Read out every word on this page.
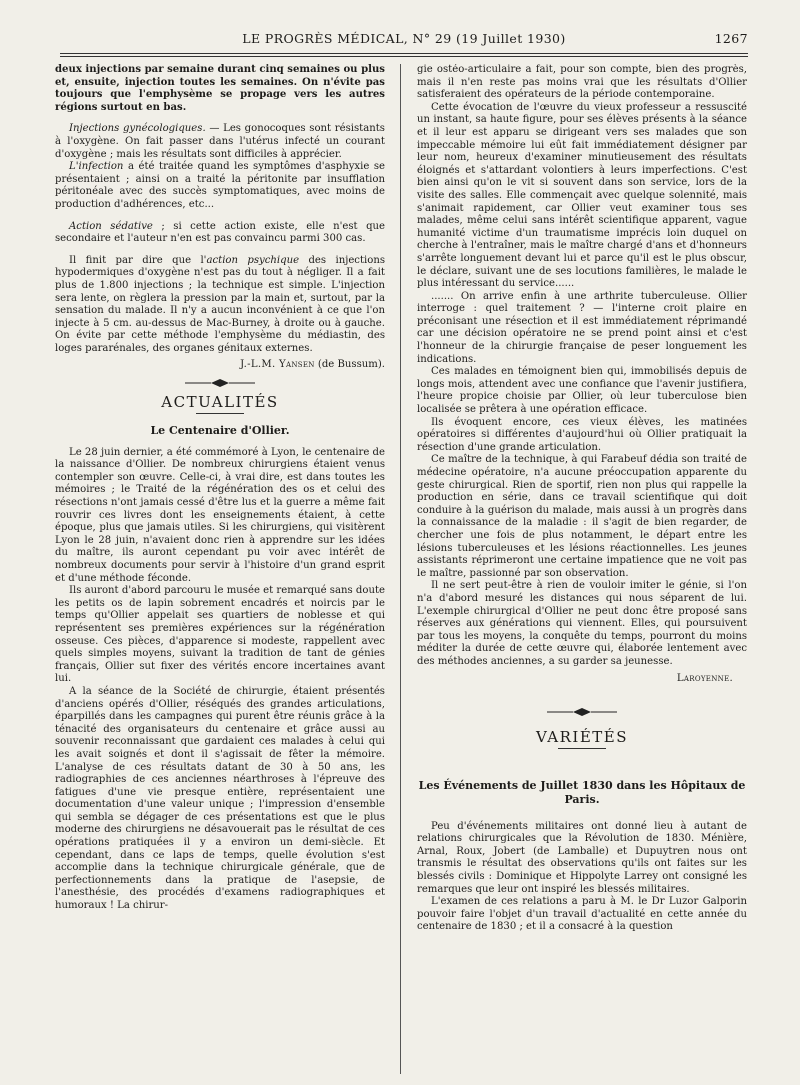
LE PROGRÈS MÉDICAL, N° 29 (19 Juillet 1930)	1267

deux injections par semaine durant cinq semaines ou plus et, ensuite, injection toutes les semaines. On n'évite pas toujours que l'emphysème se propage vers les autres régions surtout en bas.

Injections gynécologiques. — Les gonocoques sont résistants à l'oxygène. On fait passer dans l'utérus infecté un courant d'oxygène ; mais les résultats sont difficiles à apprécier.

L'infection a été traitée quand les symptômes d'asphyxie se présentaient ; ainsi on a traité la péritonite par insufflation péritonéale avec des succès symptomatiques, avec moins de production d'adhérences, etc...

Action sédative ; si cette action existe, elle n'est que secondaire et l'auteur n'en est pas convaincu parmi 300 cas.

Il finit par dire que l'action psychique des injections hypodermiques d'oxygène n'est pas du tout à négliger. Il a fait plus de 1.800 injections ; la technique est simple. L'injection sera lente, on règlera la pression par la main et, surtout, par la sensation du malade. Il n'y a aucun inconvénient à ce que l'on injecte à 5 cm. au-dessus de Mac-Burney, à droite ou à gauche. On évite par cette méthode l'emphysème du médiastin, des loges pararénales, des organes génitaux externes.

J.-L.M. Yansen (de Bussum).

ACTUALITÉS
Le Centenaire d'Ollier.

Le 28 juin dernier, a été commémoré à Lyon, le centenaire de la naissance d'Ollier. De nombreux chirurgiens étaient venus contempler son œuvre. Celle-ci, à vrai dire, est dans toutes les mémoires ; le Traité de la régénération des os et celui des résections n'ont jamais cessé d'être lus et la guerre a même fait rouvrir ces livres dont les enseignements étaient, à cette époque, plus que jamais utiles. Si les chirurgiens, qui visitèrent Lyon le 28 juin, n'avaient donc rien à apprendre sur les idées du maître, ils auront cependant pu voir avec intérêt de nombreux documents pour servir à l'histoire d'un grand esprit et d'une méthode féconde.

Ils auront d'abord parcouru le musée et remarqué sans doute les petits os de lapin sobrement encadrés et noircis par le temps qu'Ollier appelait ses quartiers de noblesse et qui représentent ses premières expériences sur la régénération osseuse. Ces pièces, d'apparence si modeste, rappellent avec quels simples moyens, suivant la tradition de tant de génies français, Ollier sut fixer des vérités encore incertaines avant lui.

A la séance de la Société de chirurgie, étaient présentés d'anciens opérés d'Ollier, réséqués des grandes articulations, éparpillés dans les campagnes qui purent être réunis grâce à la ténacité des organisateurs du centenaire et grâce aussi au souvenir reconnaissant que gardaient ces malades à celui qui les avait soignés et dont il s'agissait de fêter la mémoire. L'analyse de ces résultats datant de 30 à 50 ans, les radiographies de ces anciennes néarthroses à l'épreuve des fatigues d'une vie presque entière, représentaient une documentation d'une valeur unique ; l'impression d'ensemble qui sembla se dégager de ces présentations est que le plus moderne des chirurgiens ne désavouerait pas le résultat de ces opérations pratiquées il y a environ un demi-siècle. Et cependant, dans ce laps de temps, quelle évolution s'est accomplie dans la technique chirurgicale générale, que de perfectionnements dans la pratique de l'asepsie, de l'anesthésie, des procédés d'examens radiographiques et humoraux ! La chirur-

gie ostéo-articulaire a fait, pour son compte, bien des progrès, mais il n'en reste pas moins vrai que les résultats d'Ollier satisferaient des opérateurs de la période contemporaine.

Cette évocation de l'œuvre du vieux professeur a ressuscité un instant, sa haute figure, pour ses élèves présents à la séance et il leur est apparu se dirigeant vers ses malades que son impeccable mémoire lui eût fait immédiatement désigner par leur nom, heureux d'examiner minutieusement des résultats éloignés et s'attardant volontiers à leurs imperfections. C'est bien ainsi qu'on le vit si souvent dans son service, lors de la visite des salles. Elle commençait avec quelque solennité, mais s'animait rapidement, car Ollier veut examiner tous ses malades, même celui sans intérêt scientifique apparent, vague humanité victime d'un traumatisme imprécis loin duquel on cherche à l'entraîner, mais le maître chargé d'ans et d'honneurs s'arrête longuement devant lui et parce qu'il est le plus obscur, le déclare, suivant une de ses locutions familières, le malade le plus intéressant du service......

....... On arrive enfin à une arthrite tuberculeuse. Ollier interroge : quel traitement ? — l'interne croit plaire en préconisant une résection et il est immédiatement réprimandé car une décision opératoire ne se prend point ainsi et c'est l'honneur de la chirurgie française de peser longuement les indications.

Ces malades en témoignent bien qui, immobilisés depuis de longs mois, attendent avec une confiance que l'avenir justifiera, l'heure propice choisie par Ollier, où leur tuberculose bien localisée se prêtera à une opération efficace.

Ils évoquent encore, ces vieux élèves, les matinées opératoires si différentes d'aujourd'hui où Ollier pratiquait la résection d'une grande articulation.

Ce maître de la technique, à qui Farabeuf dédia son traité de médecine opératoire, n'a aucune préoccupation apparente du geste chirurgical. Rien de sportif, rien non plus qui rappelle la production en série, dans ce travail scientifique qui doit conduire à la guérison du malade, mais aussi à un progrès dans la connaissance de la maladie : il s'agit de bien regarder, de chercher une fois de plus notamment, le départ entre les lésions tuberculeuses et les lésions réactionnelles. Les jeunes assistants réprimeront une certaine impatience que ne voit pas le maître, passionné par son observation.

Il ne sert peut-être à rien de vouloir imiter le génie, si l'on n'a d'abord mesuré les distances qui nous séparent de lui. L'exemple chirurgical d'Ollier ne peut donc être proposé sans réserves aux générations qui viennent. Elles, qui poursuivent par tous les moyens, la conquête du temps, pourront du moins méditer la durée de cette œuvre qui, élaborée lentement avec des méthodes anciennes, a su garder sa jeunesse.

Laroyenne.

VARIÉTÉS
Les Événements de Juillet 1830 dans les Hôpitaux de Paris.

Peu d'événements militaires ont donné lieu à autant de relations chirurgicales que la Révolution de 1830. Ménière, Arnal, Roux, Jobert (de Lamballe) et Dupuytren nous ont transmis le résultat des observations qu'ils ont faites sur les blessés civils : Dominique et Hippolyte Larrey ont consigné les remarques que leur ont inspiré les blessés militaires.

L'examen de ces relations a paru à M. le Dr Luzor Galporin pouvoir faire l'objet d'un travail d'actualité en cette année du centenaire de 1830 ; et il a consacré à la question
